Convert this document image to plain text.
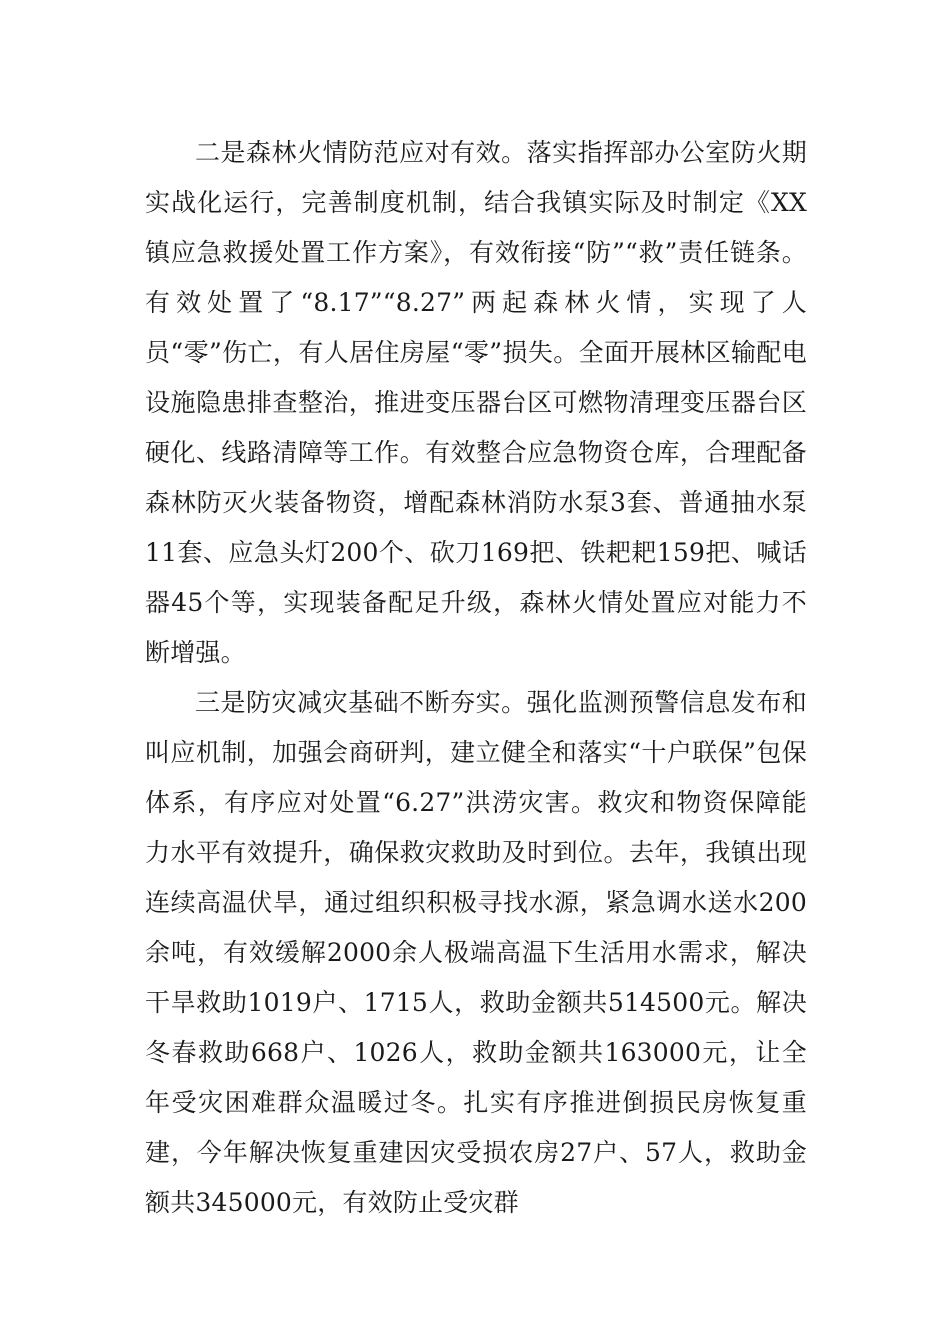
二是森林火情防范应对有效。落实指挥部办公室防火期实战化运行，完善制度机制，结合我镇实际及时制定《XX镇应急救援处置工作方案》，有效衔接“防”“救”责任链条。有效处置了“8.17”“8.27”两起森林火情，实现了人员“零”伤亡，有人居住房屋“零”损失。全面开展林区输配电设施隐患排查整治，推进变压器台区可燃物清理变压器台区硬化、线路清障等工作。有效整合应急物资仓库，合理配备森林防灭火装备物资，增配森林消防水泵3套、普通抽水泵11套、应急头灯200个、砍刀169把、铁耙耙159把、喊话器45个等，实现装备配足升级，森林火情处置应对能力不断增强。

三是防灾减灾基础不断夯实。强化监测预警信息发布和叫应机制，加强会商研判，建立健全和落实“十户联保”包保体系，有序应对处置“6.27”洪涝灾害。救灾和物资保障能力水平有效提升，确保救灾救助及时到位。去年，我镇出现连续高温伏旱，通过组织积极寻找水源，紧急调水送水200余吨，有效缓解2000余人极端高温下生活用水需求，解决干旱救助1019户、1715人，救助金额共514500元。解决冬春救助668户、1026人，救助金额共163000元，让全年受灾困难群众温暖过冬。扎实有序推进倒损民房恢复重建，今年解决恢复重建因灾受损农房27户、57人，救助金额共345000元，有效防止受灾群
